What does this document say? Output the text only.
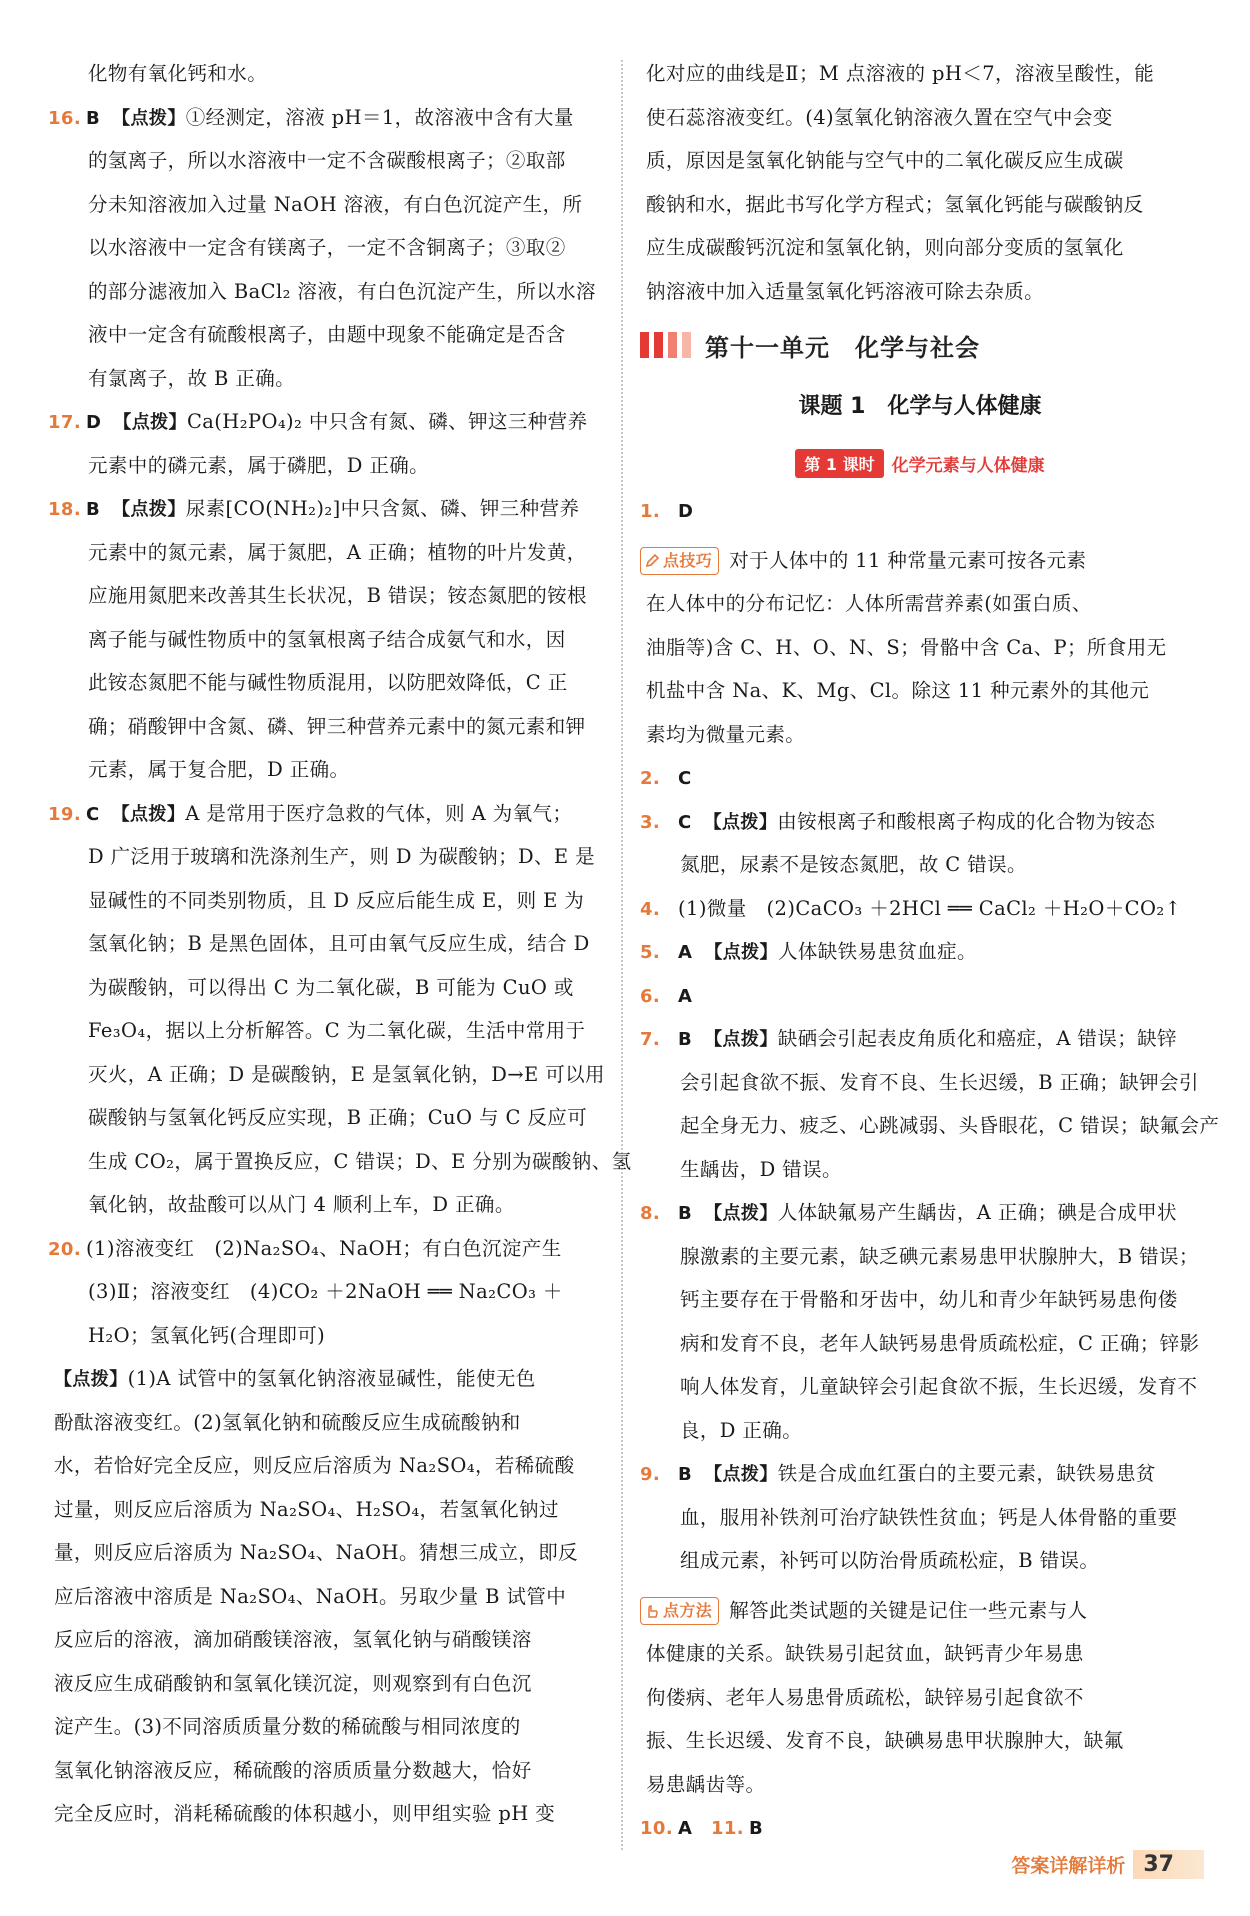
化物有氧化钙和水。
16. B 【点拨】①经测定，溶液 pH＝1，故溶液中含有大量
的氢离子，所以水溶液中一定不含碳酸根离子；②取部
分未知溶液加入过量 NaOH 溶液，有白色沉淀产生，所
以水溶液中一定含有镁离子，一定不含铜离子；③取②
的部分滤液加入 BaCl₂ 溶液，有白色沉淀产生，所以水溶
液中一定含有硫酸根离子，由题中现象不能确定是否含
有氯离子，故 B 正确。
17. D 【点拨】Ca(H₂PO₄)₂ 中只含有氮、磷、钾这三种营养
元素中的磷元素，属于磷肥，D 正确。
18. B 【点拨】尿素[CO(NH₂)₂]中只含氮、磷、钾三种营养
元素中的氮元素，属于氮肥，A 正确；植物的叶片发黄，
应施用氮肥来改善其生长状况，B 错误；铵态氮肥的铵根
离子能与碱性物质中的氢氧根离子结合成氨气和水，因
此铵态氮肥不能与碱性物质混用，以防肥效降低，C 正
确；硝酸钾中含氮、磷、钾三种营养元素中的氮元素和钾
元素，属于复合肥，D 正确。
19. C 【点拨】A 是常用于医疗急救的气体，则 A 为氧气；
D 广泛用于玻璃和洗涤剂生产，则 D 为碳酸钠；D、E 是
显碱性的不同类别物质，且 D 反应后能生成 E，则 E 为
氢氧化钠；B 是黑色固体，且可由氧气反应生成，结合 D
为碳酸钠，可以得出 C 为二氧化碳，B 可能为 CuO 或
Fe₃O₄，据以上分析解答。C 为二氧化碳，生活中常用于
灭火，A 正确；D 是碳酸钠，E 是氢氧化钠，D→E 可以用
碳酸钠与氢氧化钙反应实现，B 正确；CuO 与 C 反应可
生成 CO₂，属于置换反应，C 错误；D、E 分别为碳酸钠、氢
氧化钠，故盐酸可以从门 4 顺利上车，D 正确。
20. (1)溶液变红　(2)Na₂SO₄、NaOH；有白色沉淀产生
(3)Ⅱ；溶液变红　(4)CO₂ ＋2NaOH ══ Na₂CO₃ ＋
H₂O；氢氧化钙(合理即可)
【点拨】(1)A 试管中的氢氧化钠溶液显碱性，能使无色
酚酞溶液变红。(2)氢氧化钠和硫酸反应生成硫酸钠和
水，若恰好完全反应，则反应后溶质为 Na₂SO₄，若稀硫酸
过量，则反应后溶质为 Na₂SO₄、H₂SO₄，若氢氧化钠过
量，则反应后溶质为 Na₂SO₄、NaOH。猜想三成立，即反
应后溶液中溶质是 Na₂SO₄、NaOH。另取少量 B 试管中
反应后的溶液，滴加硝酸镁溶液，氢氧化钠与硝酸镁溶
液反应生成硝酸钠和氢氧化镁沉淀，则观察到有白色沉
淀产生。(3)不同溶质质量分数的稀硫酸与相同浓度的
氢氧化钠溶液反应，稀硫酸的溶质质量分数越大，恰好
完全反应时，消耗稀硫酸的体积越小，则甲组实验 pH 变
化对应的曲线是Ⅱ；M 点溶液的 pH＜7，溶液呈酸性，能
使石蕊溶液变红。(4)氢氧化钠溶液久置在空气中会变
质，原因是氢氧化钠能与空气中的二氧化碳反应生成碳
酸钠和水，据此书写化学方程式；氢氧化钙能与碳酸钠反
应生成碳酸钙沉淀和氢氧化钠，则向部分变质的氢氧化
钠溶液中加入适量氢氧化钙溶液可除去杂质。
第十一单元　化学与社会
课题 1　化学与人体健康
第 1 课时	化学元素与人体健康
1. D
点技巧 对于人体中的 11 种常量元素可按各元素
在人体中的分布记忆：人体所需营养素(如蛋白质、
油脂等)含 C、H、O、N、S；骨骼中含 Ca、P；所食用无
机盐中含 Na、K、Mg、Cl。除这 11 种元素外的其他元
素均为微量元素。
2. C
3. C 【点拨】由铵根离子和酸根离子构成的化合物为铵态
氮肥，尿素不是铵态氮肥，故 C 错误。
4. (1)微量　(2)CaCO₃ ＋2HCl ══ CaCl₂ ＋H₂O＋CO₂↑
5. A 【点拨】人体缺铁易患贫血症。
6. A
7. B 【点拨】缺硒会引起表皮角质化和癌症，A 错误；缺锌
会引起食欲不振、发育不良、生长迟缓，B 正确；缺钾会引
起全身无力、疲乏、心跳减弱、头昏眼花，C 错误；缺氟会产
生龋齿，D 错误。
8. B 【点拨】人体缺氟易产生龋齿，A 正确；碘是合成甲状
腺激素的主要元素，缺乏碘元素易患甲状腺肿大，B 错误；
钙主要存在于骨骼和牙齿中，幼儿和青少年缺钙易患佝偻
病和发育不良，老年人缺钙易患骨质疏松症，C 正确；锌影
响人体发育，儿童缺锌会引起食欲不振，生长迟缓，发育不
良，D 正确。
9. B 【点拨】铁是合成血红蛋白的主要元素，缺铁易患贫
血，服用补铁剂可治疗缺铁性贫血；钙是人体骨骼的重要
组成元素，补钙可以防治骨质疏松症，B 错误。
点方法 解答此类试题的关键是记住一些元素与人
体健康的关系。缺铁易引起贫血，缺钙青少年易患
佝偻病、老年人易患骨质疏松，缺锌易引起食欲不
振、生长迟缓、发育不良，缺碘易患甲状腺肿大，缺氟
易患龋齿等。
10. A 11. B
答案详解详析 37
